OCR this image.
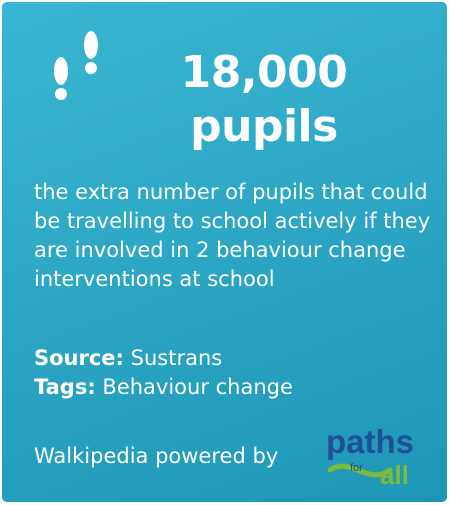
18,000
pupils
the extra number of pupils that could be travelling to school actively if they are involved in 2 behaviour change interventions at school
Source: Sustrans
Tags: Behaviour change
Walkipedia powered by paths
for all
